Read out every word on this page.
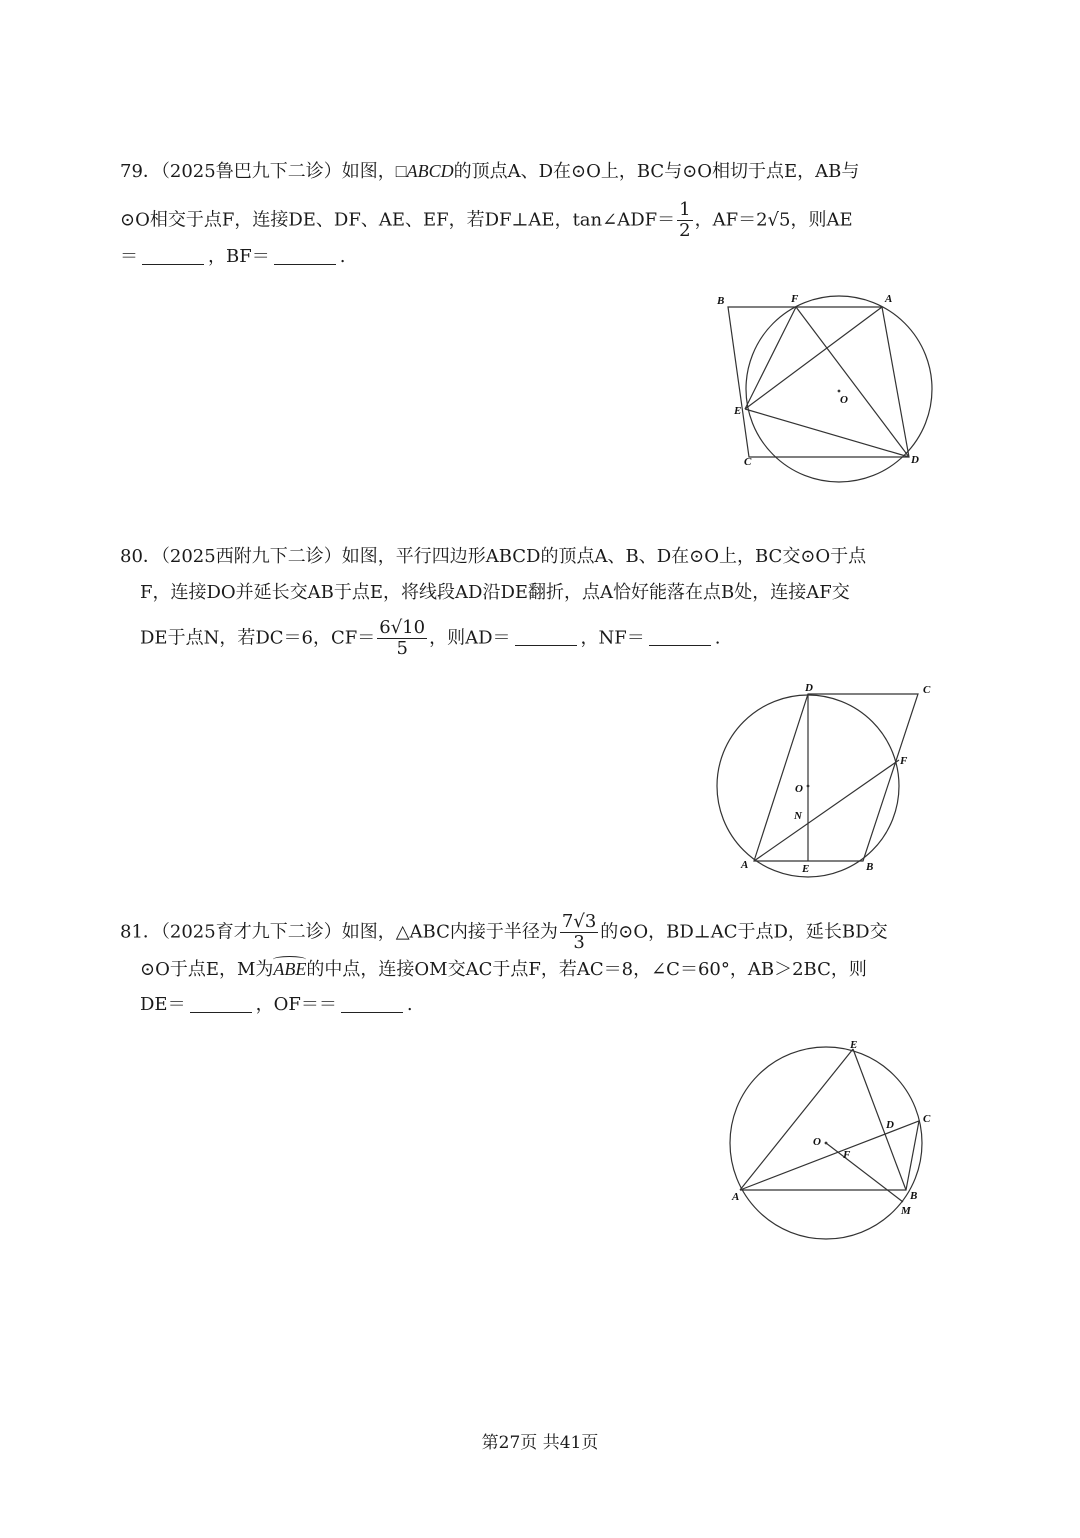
79．（2025鲁巴九下二诊）如图，□ABCD的顶点A、D在⊙O上，BC与⊙O相切于点E，AB与
⊙O相交于点F，连接DE、DF、AE、EF，若DF⊥AE，tan∠ADF＝ $\frac{1}{2}$ ，AF＝2√5，则AE
＝	，BF＝	.
B	F	A
O
E
C	D
80．（2025西附九下二诊）如图，平行四边形ABCD的顶点A、B、D在⊙O上，BC交⊙O于点
F，连接DO并延长交AB于点E，将线段AD沿DE翻折，点A恰好能落在点B处，连接AF交
DE于点N，若DC＝6，$CF= \frac{6√10}{5}$ ，则AD＝	，NF＝	.
D	C
F
O
N
A	E	B
81．（2025育才九下二诊）如图，△ABC内接于半径为 $\frac{7√3}{3}$ 的⊙O，BD⊥AC于点D，延长BD交
⊙O于点E，M为ABE的中点，连接OM交AC于点F，若AC＝8，∠C＝60°，AB＞2BC，则
DE＝	，OF＝＝	.
E
C
D
O
F
A	B
M
第27页 共41页
